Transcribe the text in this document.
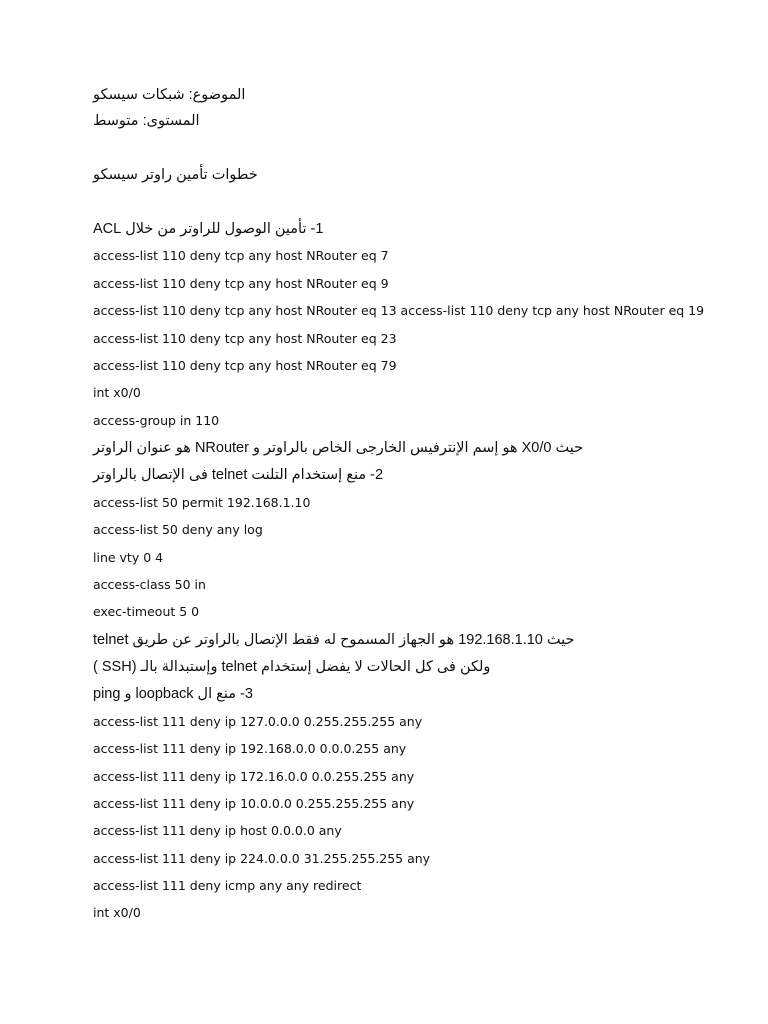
الموضوع: شبكات سيسكو
المستوى: متوسط
خطوات تأمين راوتر سيسكو
1- تأمين الوصول للراوتر من خلال ACL
access-list 110 deny tcp any host NRouter eq 7
access-list 110 deny tcp any host NRouter eq 9
access-list 110 deny tcp any host NRouter eq 13 access-list 110 deny tcp any host NRouter eq 19
access-list 110 deny tcp any host NRouter eq 23
access-list 110 deny tcp any host NRouter eq 79
int x0/0
access-group in 110
حيث X0/0 هو إسم الإنترفيس الخارجى الخاص بالراوتر و NRouter هو عنوان الراوتر
2- منع إستخدام التلنت telnet فى الإتصال بالراوتر
access-list 50 permit 192.168.1.10
access-list 50 deny any log
line vty 0 4
access-class 50 in
exec-timeout 5 0
حيث 192.168.1.10 هو الجهاز المسموح له فقط الإتصال بالراوتر عن طريق telnet
ولكن فى كل الحالات لا يفضل إستخدام telnet وإستبدالة بالـ (SSH )
3- منع ال loopback و ping
access-list 111 deny ip 127.0.0.0 0.255.255.255 any
access-list 111 deny ip 192.168.0.0 0.0.0.255 any
access-list 111 deny ip 172.16.0.0 0.0.255.255 any
access-list 111 deny ip 10.0.0.0 0.255.255.255 any
access-list 111 deny ip host 0.0.0.0 any
access-list 111 deny ip 224.0.0.0 31.255.255.255 any
access-list 111 deny icmp any any redirect
int x0/0
